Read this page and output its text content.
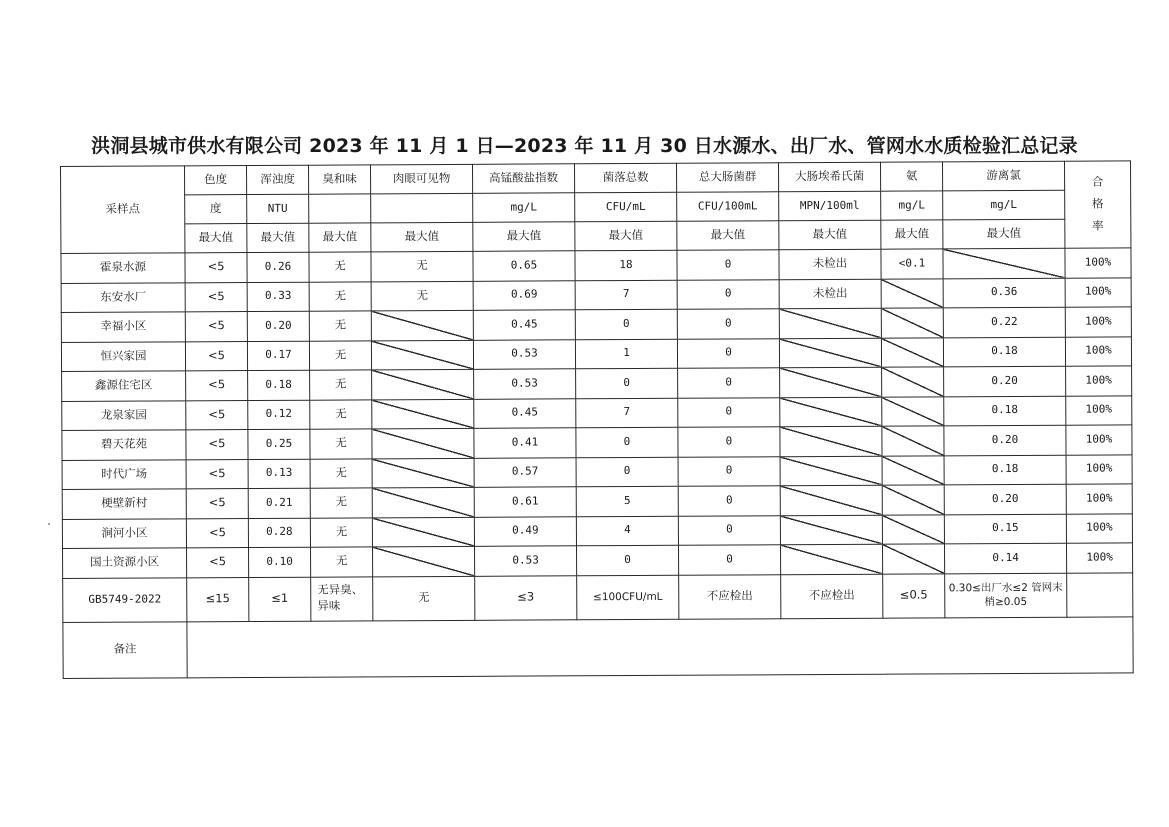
洪洞县城市供水有限公司 2023 年 11 月 1 日—2023 年 11 月 30 日水源水、出厂水、管网水水质检验汇总记录
采样点	色度	浑浊度	臭和味	肉眼可见物	高锰酸盐指数	菌落总数	总大肠菌群	大肠埃希氏菌	氨	游离氯	合
格
率

	度	NTU			mg/L	CFU/mL	CFU/100mL	MPN/100ml	mg/L	mg/L	
	最大值	最大值	最大值	最大值	最大值	最大值	最大值	最大值	最大值	最大值	
霍泉水源	<5	0.26	无	无	0.65	18	0	未检出	<0.1		100%
东安水厂	<5	0.33	无	无	0.69	7	0	未检出		0.36	100%
幸福小区	<5	0.20	无		0.45	0	0			0.22	100%
恒兴家园	<5	0.17	无		0.53	1	0			0.18	100%
鑫源住宅区	<5	0.18	无		0.53	0	0			0.20	100%
龙泉家园	<5	0.12	无		0.45	7	0			0.18	100%
碧天花苑	<5	0.25	无		0.41	0	0			0.20	100%
时代广场	<5	0.13	无		0.57	0	0			0.18	100%
梗壁新村	<5	0.21	无		0.61	5	0			0.20	100%
涧河小区	<5	0.28	无		0.49	4	0			0.15	100%
国土资源小区	<5	0.10	无		0.53	0	0			0.14	100%
GB5749-2022	≤15	≤1	无异臭、异味	无	≤3	≤100CFU/mL	不应检出	不应检出	≤0.5	0.30≤出厂水≤2 管网末梢≥0.05	
备注											
